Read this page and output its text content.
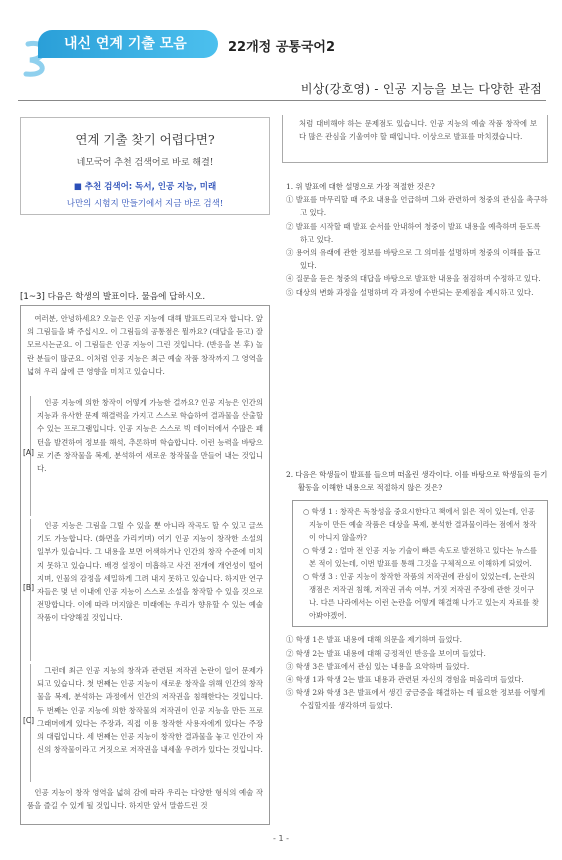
내신 연계 기출 모음	22개정 공통국어2
비상(강호영) - 인공 지능을 보는 다양한 관점
연계 기출 찾기 어렵다면?
네모국어 추천 검색어로 바로 해결!
■ 추천 검색어: 독서, 인공 지능, 미래
나만의 시험지 만들기에서 지금 바로 검색!
[1~3] 다음은 학생의 발표이다. 물음에 답하시오.

여러분, 안녕하세요? 오늘은 인공 지능에 대해 발표드리고자 합니다. 앞의 그림들을 봐 주십시오. 이 그림들의 공통점은 뭘까요? (대답을 듣고) 잘 모르시는군요. 이 그림들은 인공 지능이 그린 것입니다. (반응을 본 후) 놀란 분들이 많군요. 이처럼 인공 지능은 최근 예술 작품 창작까지 그 영역을 넓혀 우리 삶에 큰 영향을 미치고 있습니다.

[A]

인공 지능에 의한 창작이 어떻게 가능한 걸까요? 인공 지능은 인간의 지능과 유사한 문제 해결력을 가지고 스스로 학습하여 결과물을 산출할 수 있는 프로그램입니다. 인공 지능은 스스로 빅 데이터에서 수많은 패턴을 발견하여 정보를 해석, 추론하며 학습합니다. 이런 능력을 바탕으로 기존 창작물을 복제, 분석하여 새로운 창작물을 만들어 내는 것입니다.

[B]

인공 지능은 그림을 그릴 수 있을 뿐 아니라 작곡도 할 수 있고 글쓰기도 가능합니다. (화면을 가리키며) 여기 인공 지능이 창작한 소설의 일부가 있습니다. 그 내용을 보면 어색하거나 인간의 창작 수준에 미치지 못하고 있습니다. 배경 설정이 미흡하고 사건 전개에 개연성이 떨어지며, 인물의 감정을 세밀하게 그려 내지 못하고 있습니다. 하지만 연구자들은 몇 년 이내에 인공 지능이 스스로 소설을 창작할 수 있을 것으로 전망합니다. 이에 따라 머지않은 미래에는 우리가 향유할 수 있는 예술 작품이 다양해질 것입니다.

[C]

그런데 최근 인공 지능의 창작과 관련된 저작권 논란이 일어 문제가 되고 있습니다. 첫 번째는 인공 지능이 새로운 창작을 위해 인간의 창작물을 복제, 분석하는 과정에서 인간의 저작권을 침해한다는 것입니다. 두 번째는 인공 지능에 의한 창작물의 저작권이 인공 지능을 만든 프로그래머에게 있다는 주장과, 직접 이용 창작한 사용자에게 있다는 주장의 대립입니다. 세 번째는 인공 지능이 창작한 결과물을 놓고 인간이 자신의 창작물이라고 거짓으로 저작권을 내세울 우려가 있다는 것입니다.

인공 지능이 창작 영역을 넓혀 감에 따라 우리는 다양한 형식의 예술 작품을 즐길 수 있게 될 것입니다. 하지만 앞서 말씀드린 것

처럼 대비해야 하는 문제점도 있습니다. 인공 지능의 예술 작품 창작에 보다 많은 관심을 기울여야 할 때입니다. 이상으로 발표를 마치겠습니다.
1. 위 발표에 대한 설명으로 가장 적절한 것은?
① 발표를 마무리할 때 주요 내용을 언급하며 그와 관련하여 청중의 관심을 촉구하고 있다.
② 발표를 시작할 때 발표 순서를 안내하여 청중이 발표 내용을 예측하며 듣도록 하고 있다.
③ 용어의 유래에 관한 정보를 바탕으로 그 의미를 설명하며 청중의 이해를 돕고 있다.
④ 질문을 듣은 청중의 대답을 바탕으로 발표한 내용을 점검하며 수정하고 있다.
⑤ 대상의 변화 과정을 설명하며 각 과정에 수반되는 문제점을 제시하고 있다.
2. 다음은 학생들이 발표를 들으며 떠올린 생각이다. 이를 바탕으로 학생들의 듣기 활동을 이해한 내용으로 적절하지 않은 것은?
○ 학생 1 : 창작은 독창성을 중요시한다고 책에서 읽은 적이 있는데, 인공 지능이 만든 예술 작품은 대상을 복제, 분석한 결과물이라는 점에서 창작이 아니지 않을까?
○ 학생 2 : 얼마 전 인공 지능 기술이 빠른 속도로 발전하고 있다는 뉴스를 본 적이 있는데, 이번 발표를 통해 그것을 구체적으로 이해하게 되었어.
○ 학생 3 : 인공 지능이 창작한 작품의 저작권에 관심이 있었는데, 논란의 쟁점은 저작권 침해, 저작권 귀속 여부, 거짓 저작권 주장에 관한 것이구나. 다른 나라에서는 이런 논란을 어떻게 해결해 나가고 있는지 자료를 찾아봐야겠어.
① 학생 1은 발표 내용에 대해 의문을 제기하며 들었다.
② 학생 2는 발표 내용에 대해 긍정적인 반응을 보이며 들었다.
③ 학생 3은 발표에서 관심 있는 내용을 요약하며 들었다.
④ 학생 1과 학생 2는 발표 내용과 관련된 자신의 경험을 떠올리며 들었다.
⑤ 학생 2와 학생 3은 발표에서 생긴 궁금증을 해결하는 데 필요한 정보를 어떻게 수집할지를 생각하며 들었다.
- 1 -
